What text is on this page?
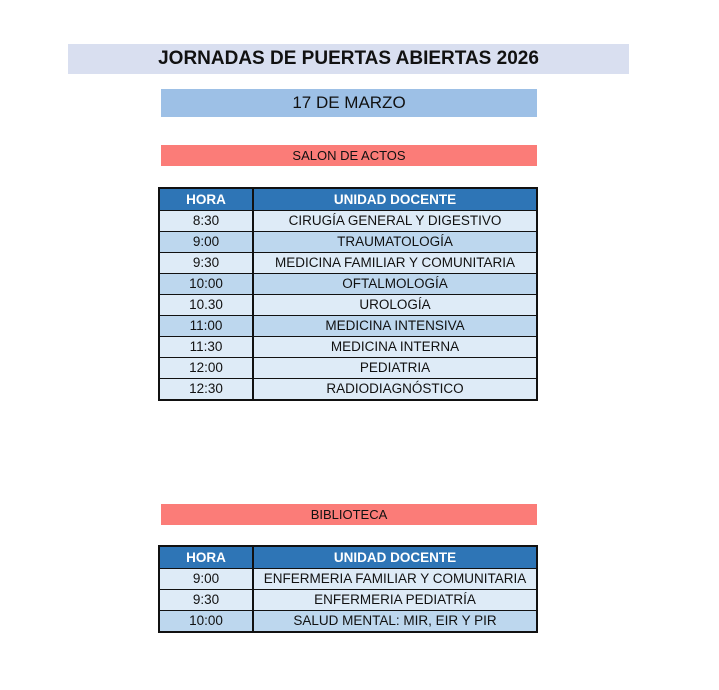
JORNADAS DE PUERTAS ABIERTAS 2026
17 DE MARZO
SALON DE ACTOS
HORA	UNIDAD DOCENTE
8:30	CIRUGÍA GENERAL Y DIGESTIVO
9:00	TRAUMATOLOGÍA
9:30	MEDICINA FAMILIAR Y COMUNITARIA
10:00	OFTALMOLOGÍA
10.30	UROLOGÍA
11:00	MEDICINA INTENSIVA
11:30	MEDICINA INTERNA
12:00	PEDIATRIA
12:30	RADIODIAGNÓSTICO
BIBLIOTECA
HORA	UNIDAD DOCENTE
9:00	ENFERMERIA FAMILIAR Y COMUNITARIA
9:30	ENFERMERIA PEDIATRÍA
10:00	SALUD MENTAL: MIR, EIR Y PIR
